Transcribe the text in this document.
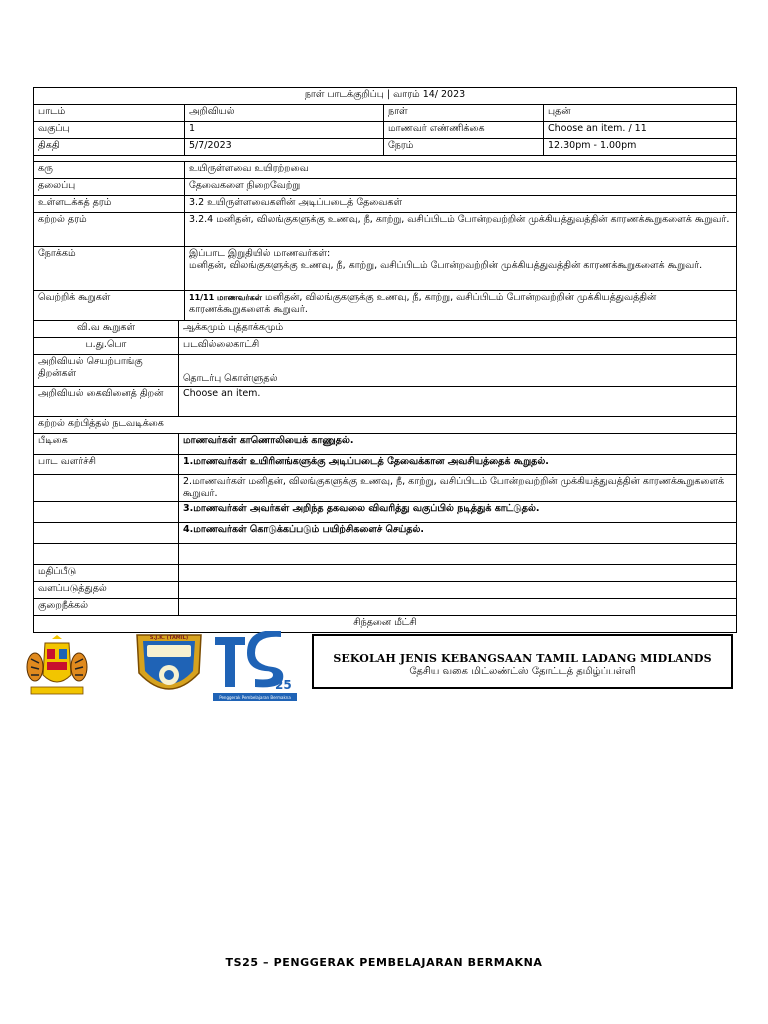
நாள் பாடக்குறிப்பு | வாரம் 14/ 2023				
பாடம்		அறிவியல்	நாள்	புதன்
வகுப்பு		1	மாணவர் எண்ணிக்கை	Choose an item. / 11
திகதி		5/7/2023	நேரம்	12.30pm - 1.00pm

கரு		உயிருள்ளவை உயிரற்றவை		
தலைப்பு		தேவைகளை நிறைவேற்று		
உள்ளடக்கத் தரம்		3.2 உயிருள்ளவைகளின் அடிப்படைத் தேவைகள்		
கற்றல் தரம்		3.2.4 மனிதன், விலங்குகளுக்கு உணவு, நீ, காற்று, வசிப்பிடம் போன்றவற்றின் முக்கியத்துவத்தின் காரணக்கூறுகளைக் கூறுவர்.		
நோக்கம்		இப்பாட இறுதியில் மாணவர்கள்:
மனிதன், விலங்குகளுக்கு உணவு, நீ, காற்று, வசிப்பிடம் போன்றவற்றின் முக்கியத்துவத்தின் காரணக்கூறுகளைக் கூறுவர்.		

வெற்றிக் கூறுகள்		11/11 மாணவர்கள் மனிதன், விலங்குகளுக்கு உணவு, நீ, காற்று, வசிப்பிடம் போன்றவற்றின் முக்கியத்துவத்தின் காரணக்கூறுகளைக் கூறுவர்.		
வி.வ கூறுகள்	ஆக்கமும் புத்தாக்கமும்			
ப.து.பொ	படவில்லைகாட்சி			
அறிவியல் செயற்பாங்கு திறன்கள்	தொடர்பு கொள்ளுதல்			
அறிவியல் கைவினைத் திறன்	Choose an item.			
கற்றல் கற்பித்தல் நடவடிக்கை				
பீடிகை	மாணவர்கள் காணொலியைக் காணுதல்.			
பாட வளர்ச்சி	1.மாணவர்கள் உயிரினங்களுக்கு அடிப்படைத் தேவைக்கான அவசியத்தைக் கூறுதல்.			
	2.மாணவர்கள் மனிதன், விலங்குகளுக்கு உணவு, நீ, காற்று, வசிப்பிடம் போன்றவற்றின் முக்கியத்துவத்தின் காரணக்கூறுகளைக் கூறுவர்.			
	3.மாணவர்கள் அவர்கள் அறிந்த தகவலை விவரித்து வகுப்பில் நடித்துக் காட்டுதல்.			
	4.மாணவர்கள் கொடுக்கப்படும் பயிற்சிகளைச் செய்தல்.			

மதிப்பீடு				
வளப்படுத்துதல்				
குறைநீக்கல்				
சிந்தனை மீட்சி				
S.J.K. (TAMIL)
25
Penggerak Pembelajaran Bermakna
SEKOLAH JENIS KEBANGSAAN TAMIL LADANG MIDLANDS
தேசிய வகை மிட்லண்ட்ஸ் தோட்டத் தமிழ்ப்பள்ளி
TS25 – PENGGERAK PEMBELAJARAN BERMAKNA
